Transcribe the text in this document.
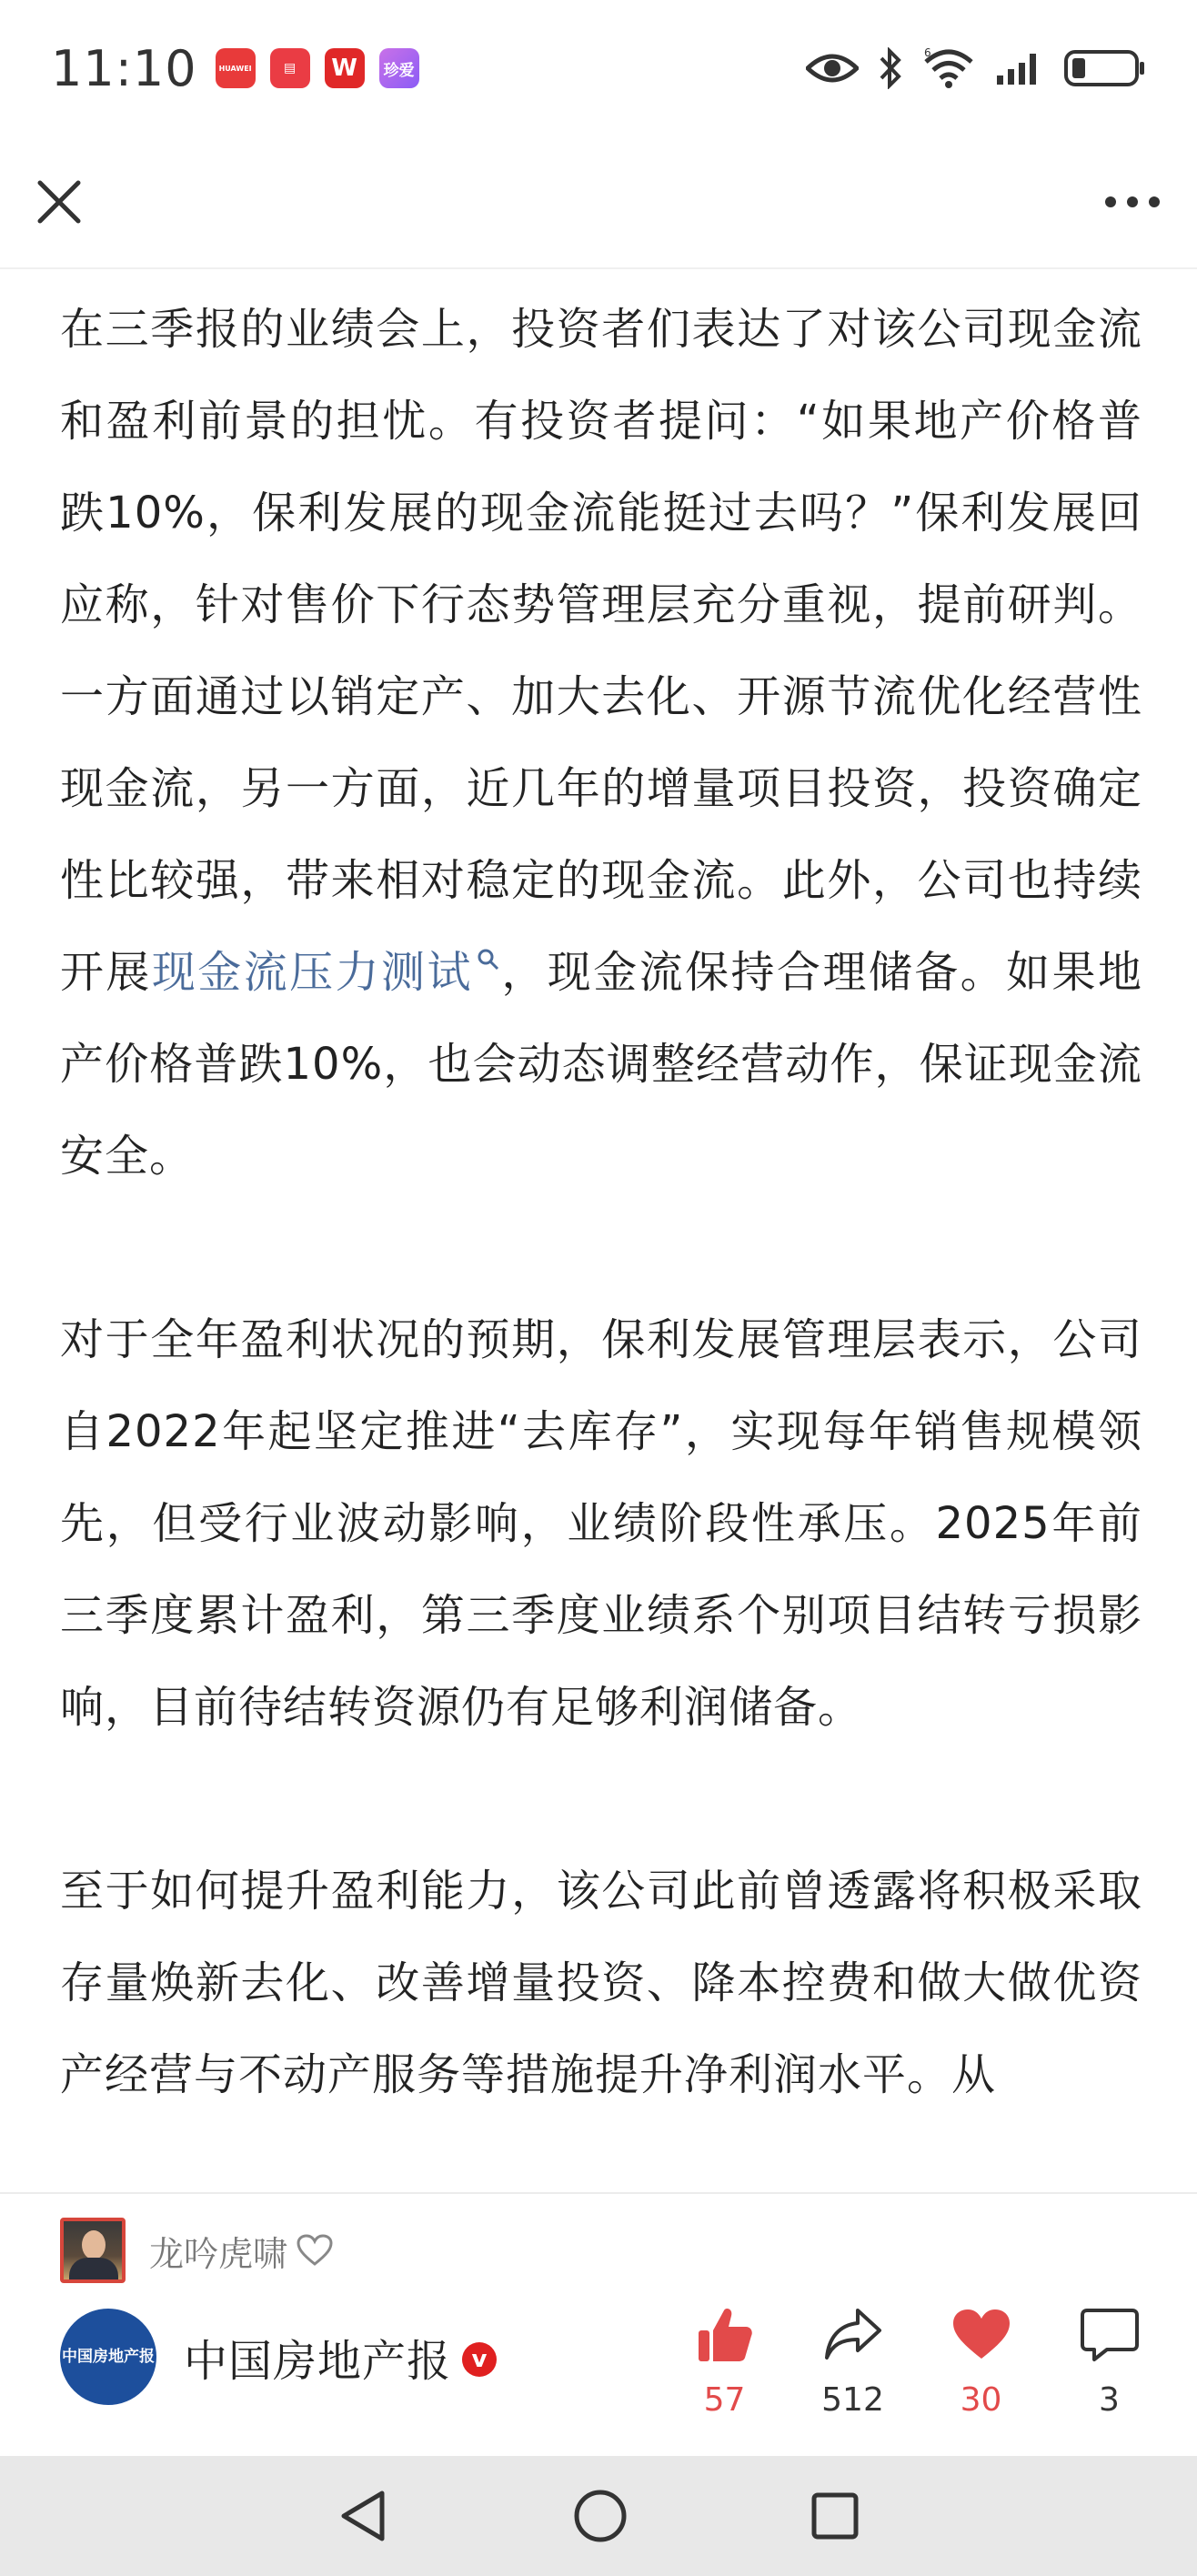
11:10	HUAWEI	▤	W	珍爱
6

在三季报的业绩会上，投资者们表达了对该公司现金流和盈利前景的担忧。有投资者提问：“如果地产价格普跌10%，保利发展的现金流能挺过去吗？”保利发展回应称，针对售价下行态势管理层充分重视，提前研判。一方面通过以销定产、加大去化、开源节流优化经营性现金流，另一方面，近几年的增量项目投资，投资确定性比较强，带来相对稳定的现金流。此外，公司也持续开展现金流压力测试 ，现金流保持合理储备。如果地产价格普跌10%，也会动态调整经营动作，保证现金流安全。

对于全年盈利状况的预期，保利发展管理层表示，公司自2022年起坚定推进“去库存”，实现每年销售规模领先，但受行业波动影响，业绩阶段性承压。2025年前三季度累计盈利，第三季度业绩系个别项目结转亏损影响，目前待结转资源仍有足够利润储备。

至于如何提升盈利能力，该公司此前曾透露将积极采取存量焕新去化、改善增量投资、降本控费和做大做优资产经营与不动产服务等措施提升净利润水平。从

龙吟虎啸
中国房地产报 中国房地产报 v
57 512 30	3
